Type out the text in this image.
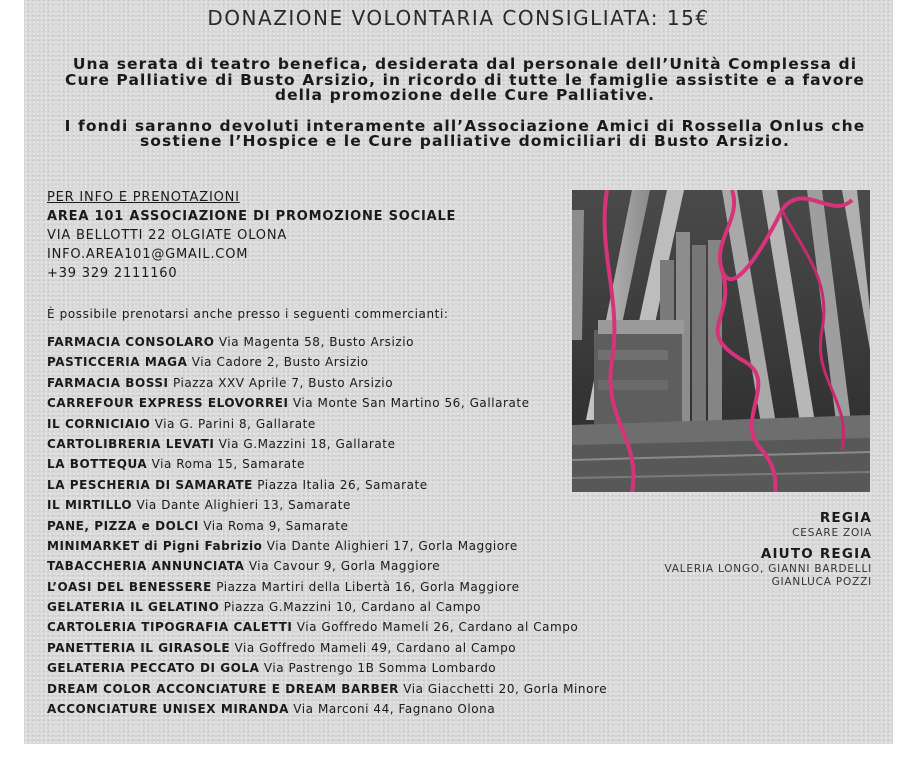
DONAZIONE VOLONTARIA CONSIGLIATA: 15€

Una serata di teatro benefica, desiderata dal personale dell’Unità Complessa di Cure Palliative di Busto Arsizio, in ricordo di tutte le famiglie assistite e a favore della promozione delle Cure Palliative.

I fondi saranno devoluti interamente all’Associazione Amici di Rossella Onlus che sostiene l’Hospice e le Cure palliative domiciliari di Busto Arsizio.

PER INFO E PRENOTAZIONI
AREA 101 ASSOCIAZIONE DI PROMOZIONE SOCIALE
VIA BELLOTTI 22 OLGIATE OLONA
INFO.AREA101@GMAIL.COM
+39 329 2111160
È possibile prenotarsi anche presso i seguenti commercianti:
FARMACIA CONSOLARO Via Magenta 58, Busto Arsizio
PASTICCERIA MAGA Via Cadore 2, Busto Arsizio
FARMACIA BOSSI Piazza XXV Aprile 7, Busto Arsizio
CARREFOUR EXPRESS ELOVORREI Via Monte San Martino 56, Gallarate
IL CORNICIAIO Via G. Parini 8, Gallarate
CARTOLIBRERIA LEVATI Via G.Mazzini 18, Gallarate
LA BOTTEQUA Via Roma 15, Samarate
LA PESCHERIA DI SAMARATE Piazza Italia 26, Samarate
IL MIRTILLO Via Dante Alighieri 13, Samarate
PANE, PIZZA e DOLCI Via Roma 9, Samarate
MINIMARKET di Pigni Fabrizio Via Dante Alighieri 17, Gorla Maggiore
TABACCHERIA ANNUNCIATA Via Cavour 9, Gorla Maggiore
L’OASI DEL BENESSERE Piazza Martiri della Libertà 16, Gorla Maggiore
GELATERIA IL GELATINO Piazza G.Mazzini 10, Cardano al Campo
CARTOLERIA TIPOGRAFIA CALETTI Via Goffredo Mameli 26, Cardano al Campo
PANETTERIA IL GIRASOLE Via Goffredo Mameli 49, Cardano al Campo
GELATERIA PECCATO DI GOLA Via Pastrengo 1B Somma Lombardo
DREAM COLOR ACCONCIATURE E DREAM BARBER Via Giacchetti 20, Gorla Minore
ACCONCIATURE UNISEX MIRANDA Via Marconi 44, Fagnano Olona
REGIA
CESARE ZOIA
AIUTO REGIA
VALERIA LONGO, GIANNI BARDELLI
GIANLUCA POZZI
